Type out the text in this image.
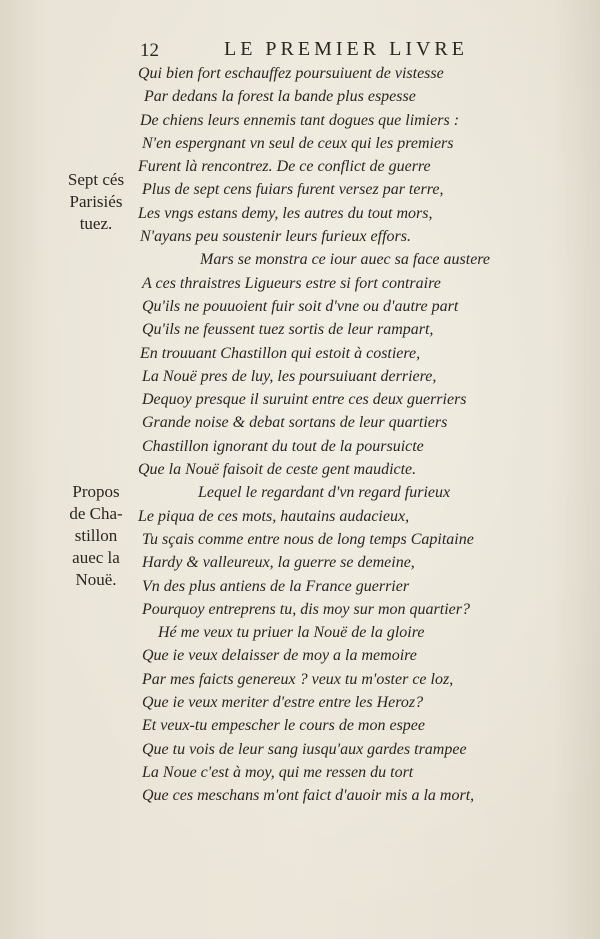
12	LE PREMIER LIVRE
Sept cés
Parisiés
tuez.
Propos
de Cha-
stillon
auec la
Nouë.
Qui bien fort eschauffez poursuiuent de vistesse
Par dedans la forest la bande plus espesse
De chiens leurs ennemis tant dogues que limiers :
N'en espergnant vn seul de ceux qui les premiers
Furent là rencontrez. De ce conflict de guerre
Plus de sept cens fuiars furent versez par terre,
Les vngs estans demy, les autres du tout mors,
N'ayans peu soustenir leurs furieux effors.
Mars se monstra ce iour auec sa face austere
A ces thraistres Ligueurs estre si fort contraire
Qu'ils ne pouuoient fuir soit d'vne ou d'autre part
Qu'ils ne feussent tuez sortis de leur rampart,
En trouuant Chastillon qui estoit à costiere,
La Nouë pres de luy, les poursuiuant derriere,
Dequoy presque il suruint entre ces deux guerriers
Grande noise & debat sortans de leur quartiers
Chastillon ignorant du tout de la poursuicte
Que la Nouë faisoit de ceste gent maudicte.
Lequel le regardant d'vn regard furieux
Le piqua de ces mots, hautains audacieux,
Tu sçais comme entre nous de long temps Capitaine
Hardy & valleureux, la guerre se demeine,
Vn des plus antiens de la France guerrier
Pourquoy entreprens tu, dis moy sur mon quartier?
Hé me veux tu priuer la Nouë de la gloire
Que ie veux delaisser de moy a la memoire
Par mes faicts genereux ? veux tu m'oster ce loz,
Que ie veux meriter d'estre entre les Heroz?
Et veux-tu empescher le cours de mon espee
Que tu vois de leur sang iusqu'aux gardes trampee
La Noue c'est à moy, qui me ressen du tort
Que ces meschans m'ont faict d'auoir mis a la mort,
